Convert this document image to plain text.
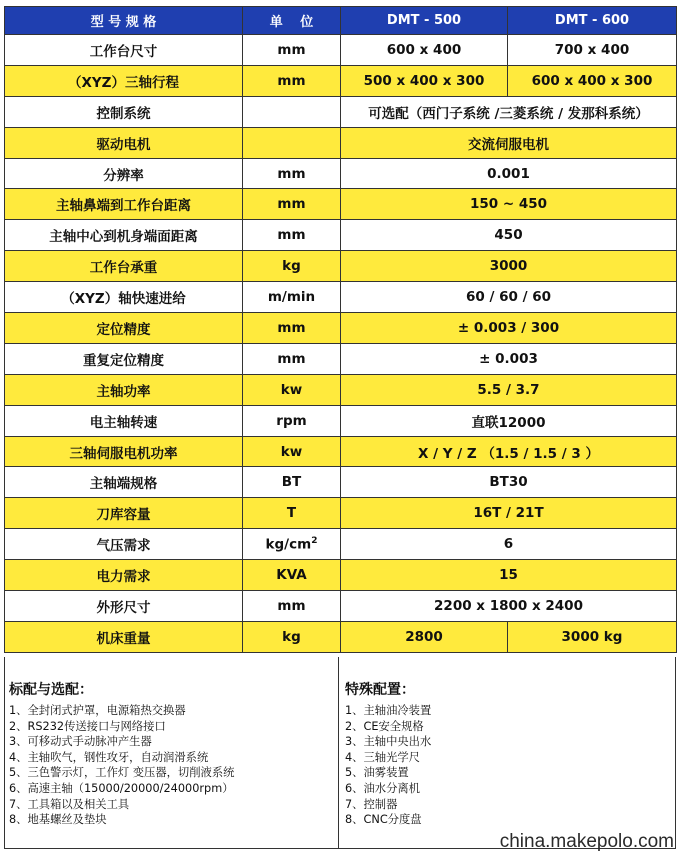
型 号 规 格	单　 位	DMT - 500	DMT - 600
工作台尺寸	mm	600 x 400	700 x 400
（XYZ）三轴行程	mm	500 x 400 x 300	600 x 400 x 300
控制系统		可选配（西门子系统 /三菱系统 / 发那科系统）	
驱动电机		交流伺服电机	
分辨率	mm	0.001	
主轴鼻端到工作台距离	mm	150 ~ 450	
主轴中心到机身端面距离	mm	450	
工作台承重	kg	3000	
（XYZ）轴快速进给	m/min	60 / 60 / 60	
定位精度	mm	± 0.003 / 300	
重复定位精度	mm	± 0.003	
主轴功率	kw	5.5 / 3.7	
电主轴转速	rpm	直联12000	
三轴伺服电机功率	kw	X / Y / Z （1.5 / 1.5 / 3 ）	
主轴端规格	BT	BT30	
刀库容量	T	16T / 21T	
气压需求	$kg/cm^2$	6	
电力需求	KVA	15	
外形尺寸	mm	2200 x 1800 x 2400	
机床重量	kg	2800	3000 kg
标配与选配：
1、全封闭式护罩，电源箱热交换器
2、RS232传送接口与网络接口
3、可移动式手动脉冲产生器
4、主轴吹气，钢性攻牙，自动润滑系统
5、三色警示灯，工作灯 变压器，切削液系统
6、高速主轴（15000/20000/24000rpm）
7、工具箱以及相关工具
8、地基螺丝及垫块
特殊配置：
1、主轴油冷装置
2、CE安全规格
3、主轴中央出水
4、三轴光学尺
5、油雾装置
6、油水分离机
7、控制器
8、CNC分度盘
china.makepolo.com
